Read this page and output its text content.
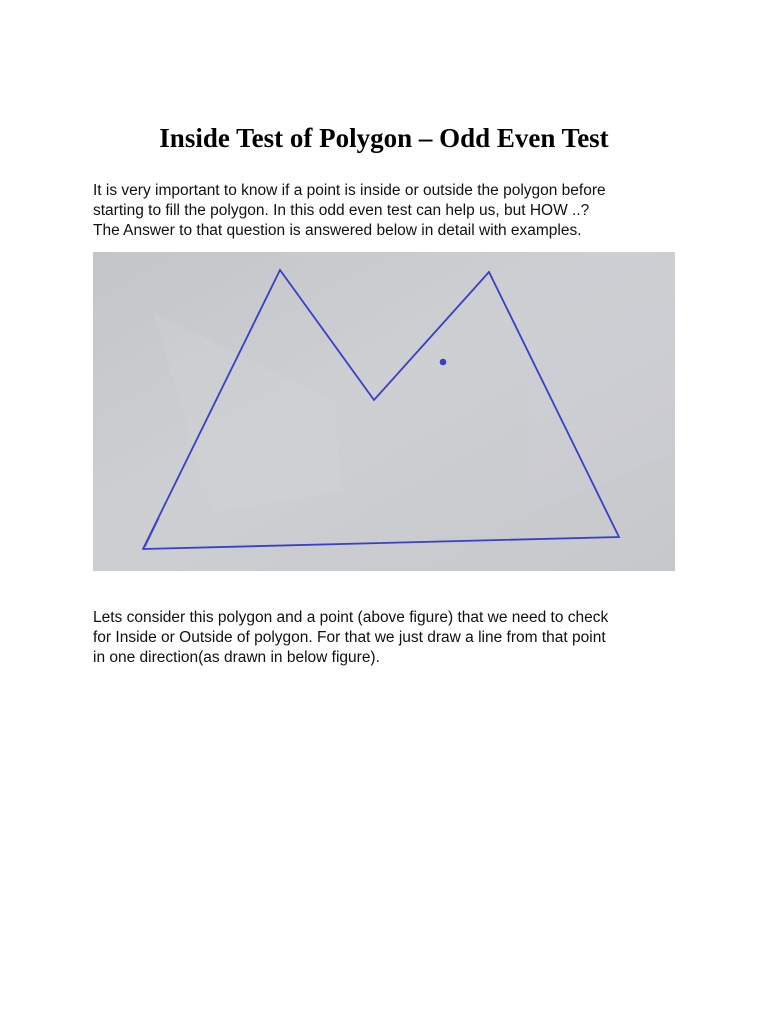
Inside Test of Polygon – Odd Even Test
It is very important to know if a point is inside or outside the polygon before
starting to fill the polygon. In this odd even test can help us, but HOW ..?
The Answer to that question is answered below in detail with examples.
Lets consider this polygon and a point (above figure) that we need to check
for Inside or Outside of polygon. For that we just draw a line from that point
in one direction(as drawn in below figure).
